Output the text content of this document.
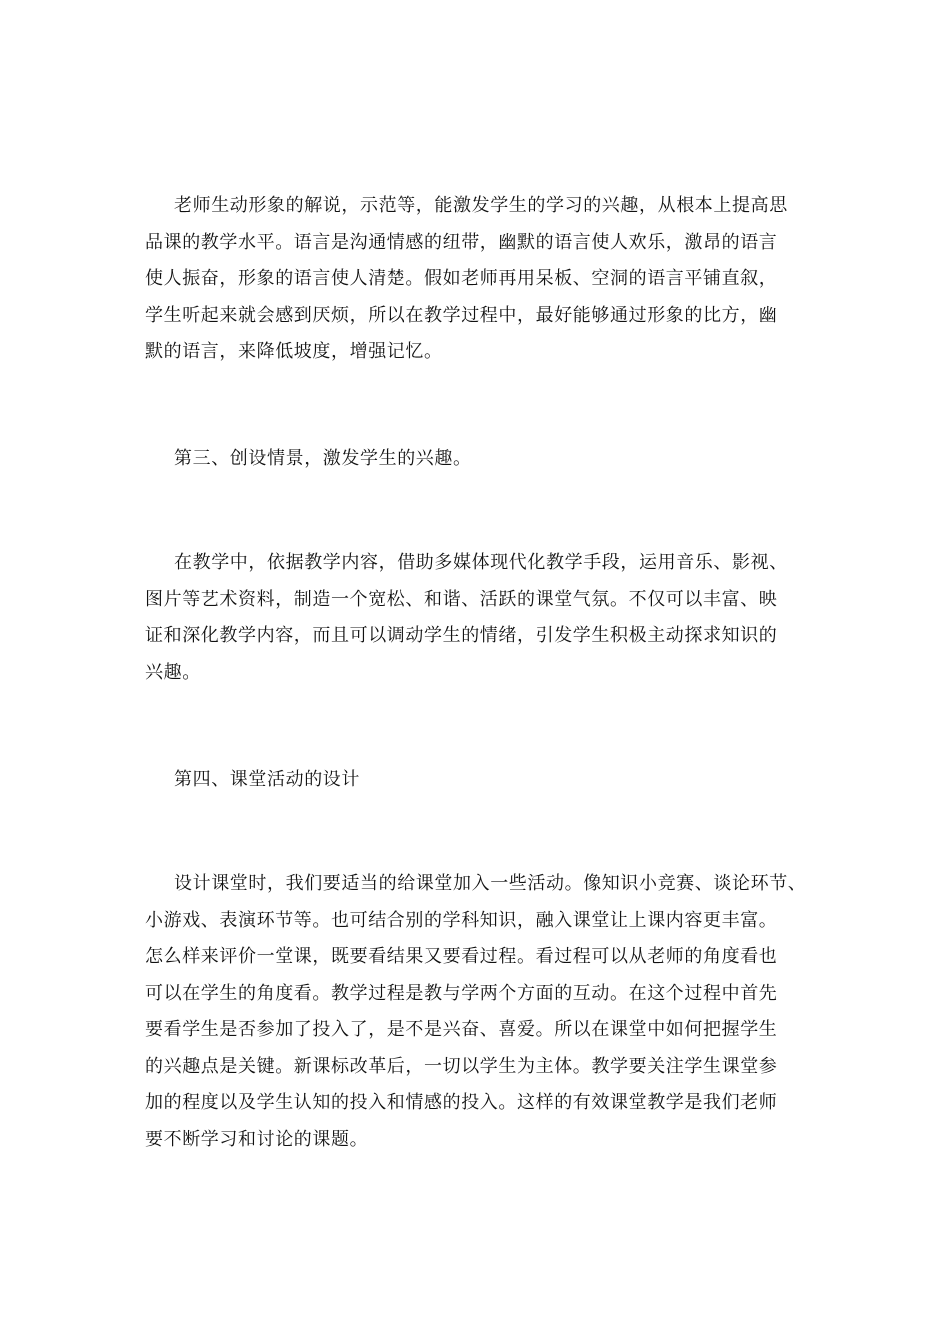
老师生动形象的解说，示范等，能激发学生的学习的兴趣，从根本上提高思
品课的教学水平。语言是沟通情感的纽带，幽默的语言使人欢乐，激昂的语言
使人振奋，形象的语言使人清楚。假如老师再用呆板、空洞的语言平铺直叙，
学生听起来就会感到厌烦，所以在教学过程中，最好能够通过形象的比方，幽
默的语言，来降低坡度，增强记忆。
第三、创设情景，激发学生的兴趣。
在教学中，依据教学内容，借助多媒体现代化教学手段，运用音乐、影视、
图片等艺术资料，制造一个宽松、和谐、活跃的课堂气氛。不仅可以丰富、映
证和深化教学内容，而且可以调动学生的情绪，引发学生积极主动探求知识的
兴趣。
第四、课堂活动的设计
设计课堂时，我们要适当的给课堂加入一些活动。像知识小竞赛、谈论环节、
小游戏、表演环节等。也可结合别的学科知识，融入课堂让上课内容更丰富。
怎么样来评价一堂课，既要看结果又要看过程。看过程可以从老师的角度看也
可以在学生的角度看。教学过程是教与学两个方面的互动。在这个过程中首先
要看学生是否参加了投入了，是不是兴奋、喜爱。所以在课堂中如何把握学生
的兴趣点是关键。新课标改革后，一切以学生为主体。教学要关注学生课堂参
加的程度以及学生认知的投入和情感的投入。这样的有效课堂教学是我们老师
要不断学习和讨论的课题。
